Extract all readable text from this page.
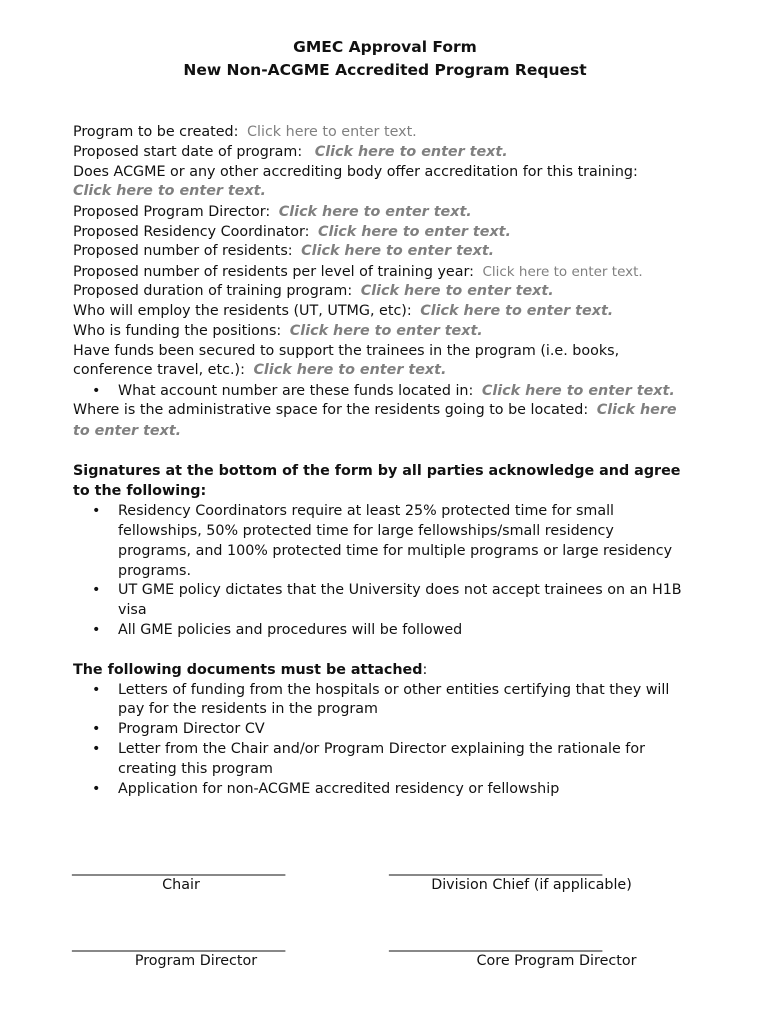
GMEC Approval Form
New Non-ACGME Accredited Program Request
Program to be created: Click here to enter text.
Proposed start date of program: Click here to enter text.
Does ACGME or any other accrediting body offer accreditation for this training:
Click here to enter text.
Proposed Program Director: Click here to enter text.
Proposed Residency Coordinator: Click here to enter text.
Proposed number of residents: Click here to enter text.
Proposed number of residents per level of training year: Click here to enter text.
Proposed duration of training program: Click here to enter text.
Who will employ the residents (UT, UTMG, etc): Click here to enter text.
Who is funding the positions: Click here to enter text.
Have funds been secured to support the trainees in the program (i.e. books,
conference travel, etc.): Click here to enter text.
• What account number are these funds located in: Click here to enter text.
Where is the administrative space for the residents going to be located: Click here
to enter text.
Signatures at the bottom of the form by all parties acknowledge and agree
to the following:
• Residency Coordinators require at least 25% protected time for small
fellowships, 50% protected time for large fellowships/small residency
programs, and 100% protected time for multiple programs or large residency
programs.
• UT GME policy dictates that the University does not accept trainees on an H1B
visa
• All GME policies and procedures will be followed
The following documents must be attached:
• Letters of funding from the hospitals or other entities certifying that they will
pay for the residents in the program
• Program Director CV
• Letter from the Chair and/or Program Director explaining the rationale for
creating this program
• Application for non-ACGME accredited residency or fellowship
________________________________
Chair
________________________________
Division Chief (if applicable)
________________________________
Program Director
________________________________
Core Program Director
